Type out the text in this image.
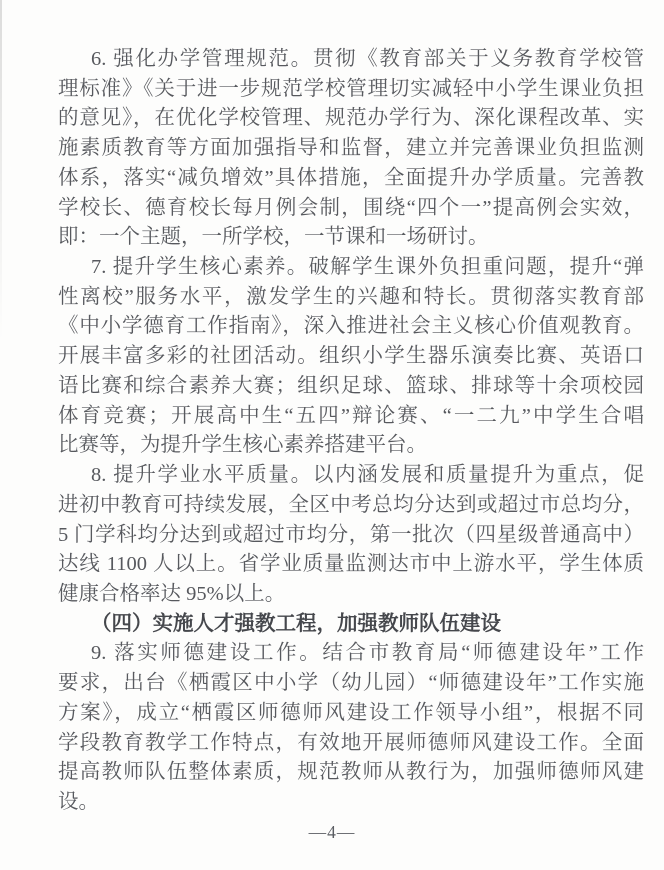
6. 强化办学管理规范。贯彻《教育部关于义务教育学校管
理标准》《关于进一步规范学校管理切实减轻中小学生课业负担
的意见》，在优化学校管理、规范办学行为、深化课程改革、实
施素质教育等方面加强指导和监督，建立并完善课业负担监测
体系，落实“减负增效”具体措施，全面提升办学质量。完善教
学校长、德育校长每月例会制，围绕“四个一”提高例会实效，
即：一个主题，一所学校，一节课和一场研讨。
7. 提升学生核心素养。破解学生课外负担重问题，提升“弹
性离校”服务水平，激发学生的兴趣和特长。贯彻落实教育部
《中小学德育工作指南》，深入推进社会主义核心价值观教育。
开展丰富多彩的社团活动。组织小学生器乐演奏比赛、英语口
语比赛和综合素养大赛；组织足球、篮球、排球等十余项校园
体育竞赛；开展高中生“五四”辩论赛、“一二九”中学生合唱
比赛等，为提升学生核心素养搭建平台。
8. 提升学业水平质量。以内涵发展和质量提升为重点，促
进初中教育可持续发展，全区中考总均分达到或超过市总均分，
5 门学科均分达到或超过市均分，第一批次（四星级普通高中）
达线 1100 人以上。省学业质量监测达市中上游水平，学生体质
健康合格率达 95%以上。
（四）实施人才强教工程，加强教师队伍建设
9. 落实师德建设工作。结合市教育局“师德建设年”工作
要求，出台《栖霞区中小学（幼儿园）“师德建设年”工作实施
方案》，成立“栖霞区师德师风建设工作领导小组”，根据不同
学段教育教学工作特点，有效地开展师德师风建设工作。全面
提高教师队伍整体素质，规范教师从教行为，加强师德师风建
设。
—4—
